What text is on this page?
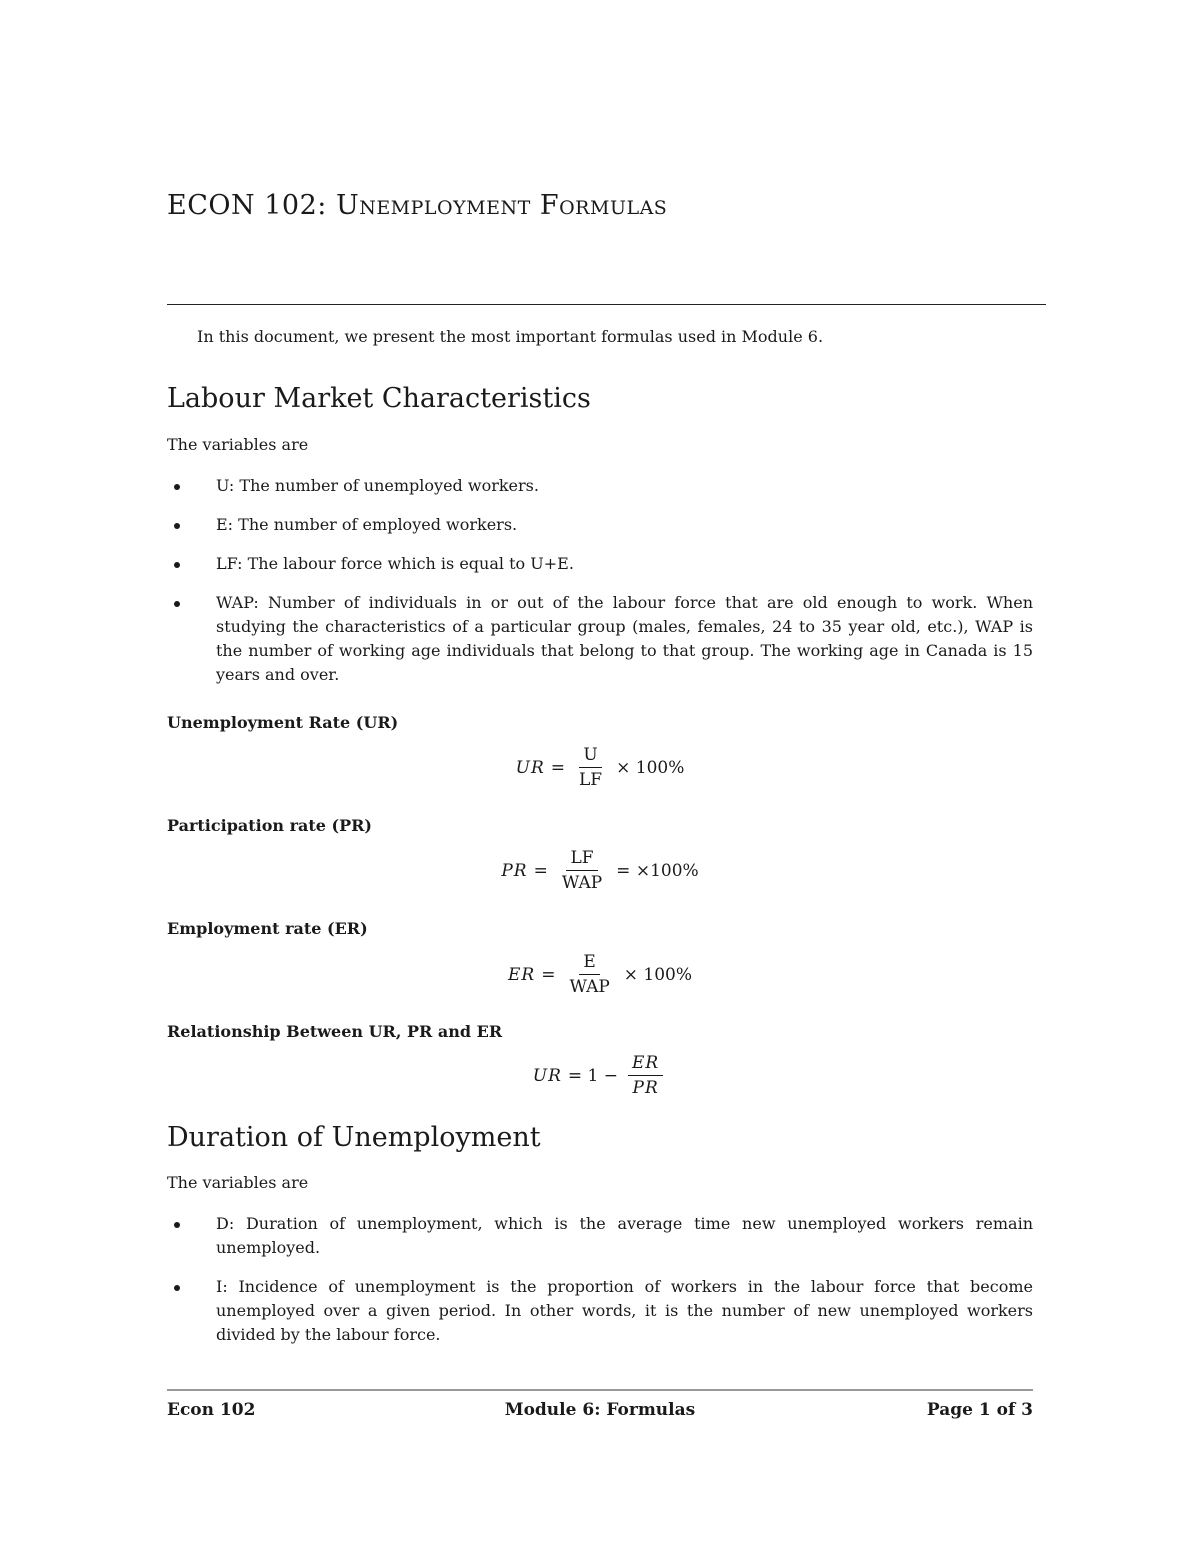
ECON 102: Unemployment Formulas
In this document, we present the most important formulas used in Module 6.
Labour Market Characteristics
The variables are
U: The number of unemployed workers.
E: The number of employed workers.
LF: The labour force which is equal to U+E.
WAP: Number of individuals in or out of the labour force that are old enough to work. When studying the characteristics of a particular group (males, females, 24 to 35 year old, etc.), WAP is the number of working age individuals that belong to that group. The working age in Canada is 15 years and over.
Unemployment Rate (UR)
UR = $\frac{U}{LF} \times 100\%$
Participation rate (PR)
PR = $\frac{LF}{\text{WAP}} = \times 100\%$
Employment rate (ER)
ER = $\frac{E}{\text{WAP}} \times 100\%$
Relationship Between UR, PR and ER
UR = $1 - \frac{ER}{PR}$
Duration of Unemployment
The variables are
D: Duration of unemployment, which is the average time new unemployed workers remain unemployed.
I: Incidence of unemployment is the proportion of workers in the labour force that become unemployed over a given period. In other words, it is the number of new unemployed workers divided by the labour force.
Econ 102	Module 6: Formulas	Page 1 of 3
